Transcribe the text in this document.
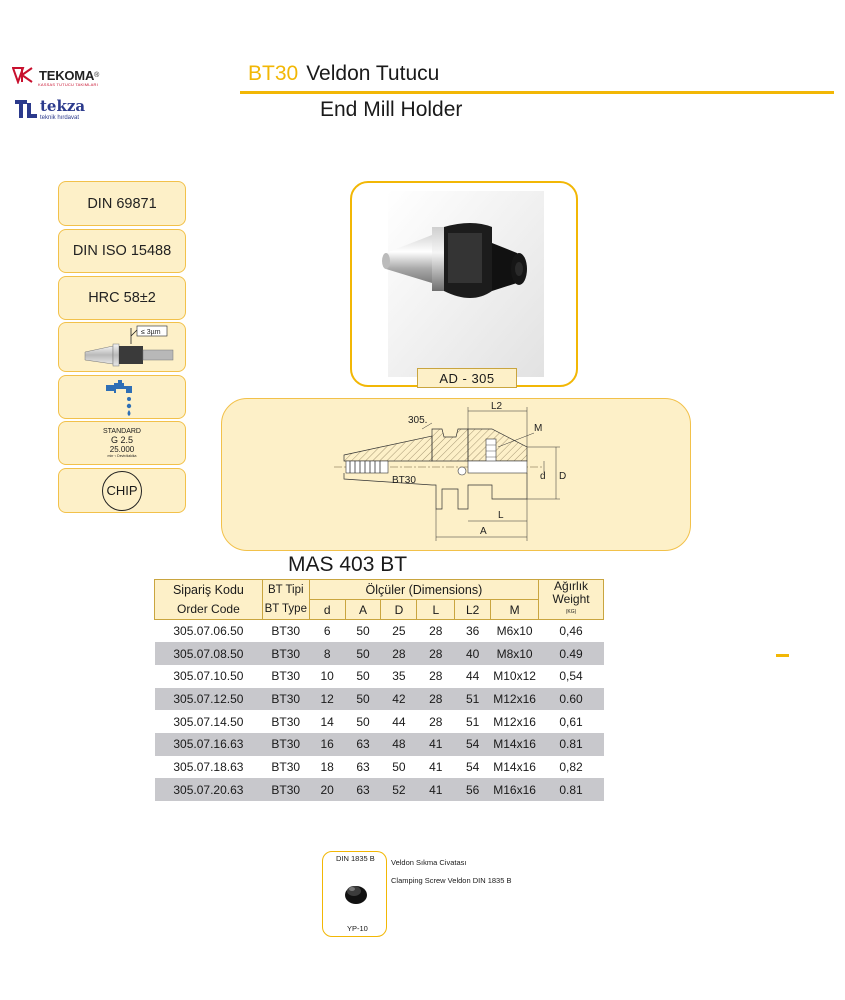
TEKOMA ®
KASSAS TUTUCU TAKIMLARI
tekza
teknik hırdavat
BT30 Veldon Tutucu
End Mill Holder
DIN 69871
DIN ISO 15488
HRC 58±2
≤ 3µm
STANDARD
G 2.5
25.000
min⁻¹ Devir/dakika
CHIP
AD - 305
305.
L2
M
BT30	d D
L
A
MAS 403 BT
Sipariş Kodu	BT Tipi	Ölçüler (Dimensions)						Ağırlık
Weight
(KG)

Order Code	BT Type	d	A	D	L	L2	M	
305.07.06.50	BT30	6	50	25	28	36	M6x10	0,46
305.07.08.50	BT30	8	50	28	28	40	M8x10	0.49
305.07.10.50	BT30	10	50	35	28	44	M10x12	0,54
305.07.12.50	BT30	12	50	42	28	51	M12x16	0.60
305.07.14.50	BT30	14	50	44	28	51	M12x16	0,61
305.07.16.63	BT30	16	63	48	41	54	M14x16	0.81
305.07.18.63	BT30	18	63	50	41	54	M14x16	0,82
305.07.20.63	BT30	20	63	52	41	56	M16x16	0.81
DIN 1835 B
YP-10
Veldon Sıkma Civatası
Clamping Screw Veldon DIN 1835 B
